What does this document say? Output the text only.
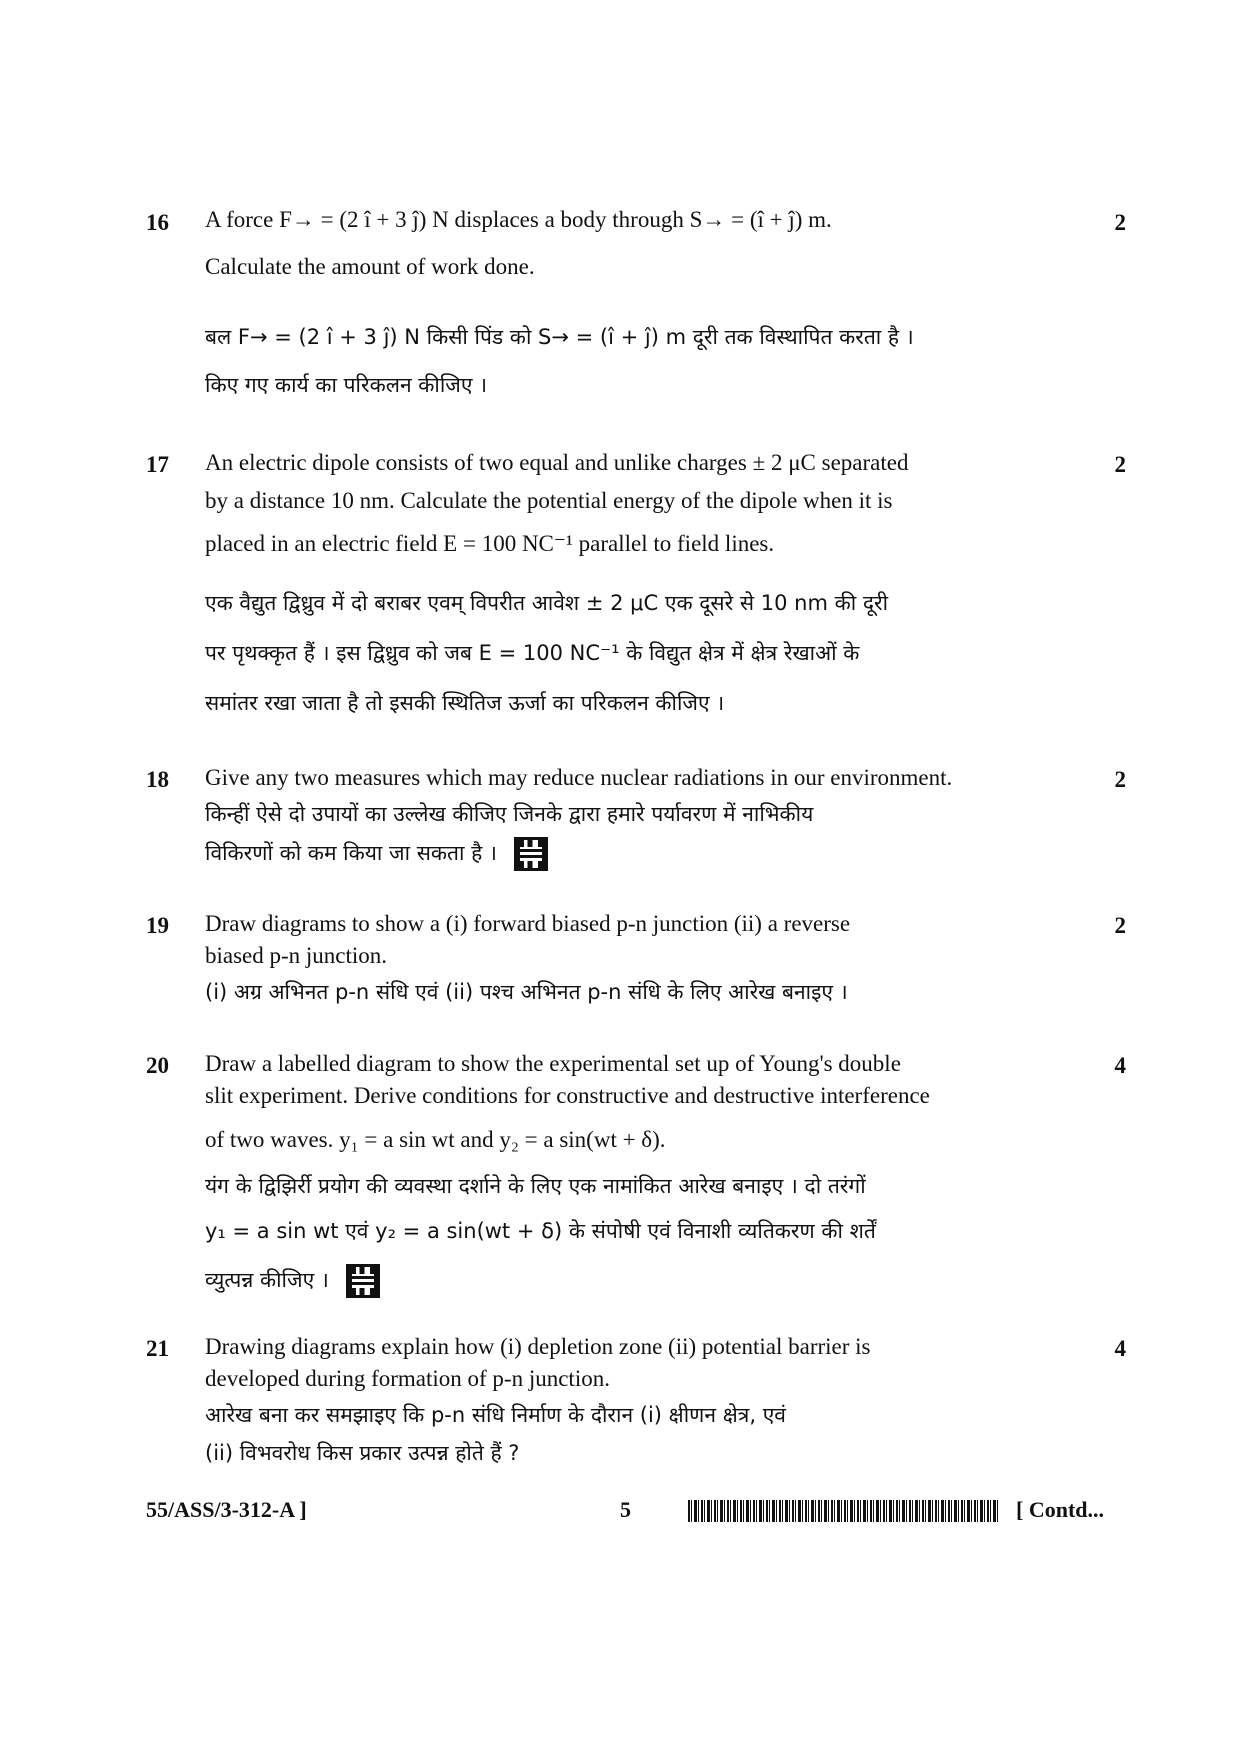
16	2
A force F→ = (2 î + 3 ĵ) N displaces a body through S→ = (î + ĵ) m.
Calculate the amount of work done.
बल F→ = (2 î + 3 ĵ) N किसी पिंड को S→ = (î + ĵ) m दूरी तक विस्थापित करता है ।
किए गए कार्य का परिकलन कीजिए ।
17	2
An electric dipole consists of two equal and unlike charges ± 2 μC separated
by a distance 10 nm. Calculate the potential energy of the dipole when it is
placed in an electric field E = 100 NC⁻¹ parallel to field lines.
एक वैद्युत द्विध्रुव में दो बराबर एवम् विपरीत आवेश ± 2 μC एक दूसरे से 10 nm की दूरी
पर पृथक्कृत हैं । इस द्विध्रुव को जब E = 100 NC⁻¹ के विद्युत क्षेत्र में क्षेत्र रेखाओं के
समांतर रखा जाता है तो इसकी स्थितिज ऊर्जा का परिकलन कीजिए ।
18	2
Give any two measures which may reduce nuclear radiations in our environment.
किन्हीं ऐसे दो उपायों का उल्लेख कीजिए जिनके द्वारा हमारे पर्यावरण में नाभिकीय
विकिरणों को कम किया जा सकता है ।
19	2
Draw diagrams to show a (i) forward biased p-n junction (ii) a reverse
biased p-n junction.
(i) अग्र अभिनत p-n संधि एवं (ii) पश्च अभिनत p-n संधि के लिए आरेख बनाइए ।
20	4
Draw a labelled diagram to show the experimental set up of Young's double
slit experiment. Derive conditions for constructive and destructive interference
of two waves. y₁ = a sin wt and y₂ = a sin(wt + δ).
यंग के द्विझिर्री प्रयोग की व्यवस्था दर्शाने के लिए एक नामांकित आरेख बनाइए । दो तरंगों
y₁ = a sin wt एवं y₂ = a sin(wt + δ) के संपोषी एवं विनाशी व्यतिकरण की शर्तें
व्युत्पन्न कीजिए ।
21	4
Drawing diagrams explain how (i) depletion zone (ii) potential barrier is
developed during formation of p-n junction.
आरेख बना कर समझाइए कि p-n संधि निर्माण के दौरान (i) क्षीणन क्षेत्र, एवं
(ii) विभवरोध किस प्रकार उत्पन्न होते हैं ?
55/ASS/3-312-A ]	5	[ Contd...
